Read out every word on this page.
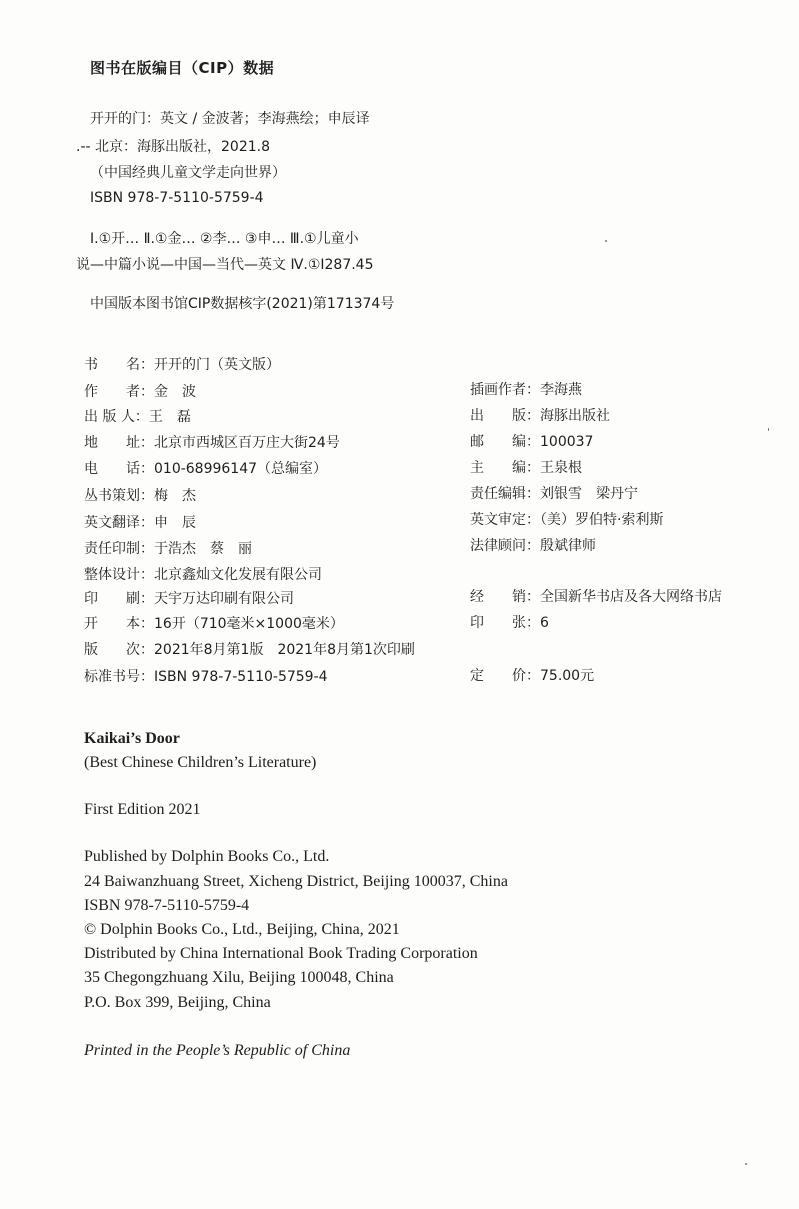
图书在版编目（CIP）数据
开开的门：英文 / 金波著；李海燕绘；申辰译
.-- 北京：海豚出版社，2021.8
（中国经典儿童文学走向世界）
ISBN 978-7-5110-5759-4
Ⅰ.①开… Ⅱ.①金… ②李… ③申… Ⅲ.①儿童小
说—中篇小说—中国—当代—英文 Ⅳ.①I287.45
中国版本图书馆CIP数据核字(2021)第171374号
书　　名：开开的门（英文版）
作　　者：金　波
出 版 人：王　磊
地　　址：北京市西城区百万庄大街24号
电　　话：010-68996147（总编室）
丛书策划：梅　杰
英文翻译：申　辰
责任印制：于浩杰　蔡　丽
整体设计：北京鑫灿文化发展有限公司
印　　刷：天宇万达印刷有限公司
开　　本：16开（710毫米×1000毫米）
版　　次：2021年8月第1版　2021年8月第1次印刷
标准书号：ISBN 978-7-5110-5759-4
插画作者：李海燕
出　　版：海豚出版社
邮　　编：100037
主　　编：王泉根
责任编辑：刘银雪　梁丹宁
英文审定：（美）罗伯特·索利斯
法律顾问：殷斌律师
经　　销：全国新华书店及各大网络书店
印　　张：6
定　　价：75.00元
Kaikai’s Door
(Best Chinese Children’s Literature)
First Edition 2021
Published by Dolphin Books Co., Ltd.
24 Baiwanzhuang Street, Xicheng District, Beijing 100037, China
ISBN 978-7-5110-5759-4
© Dolphin Books Co., Ltd., Beijing, China, 2021
Distributed by China International Book Trading Corporation
35 Chegongzhuang Xilu, Beijing 100048, China
P.O. Box 399, Beijing, China
Printed in the People’s Republic of China
